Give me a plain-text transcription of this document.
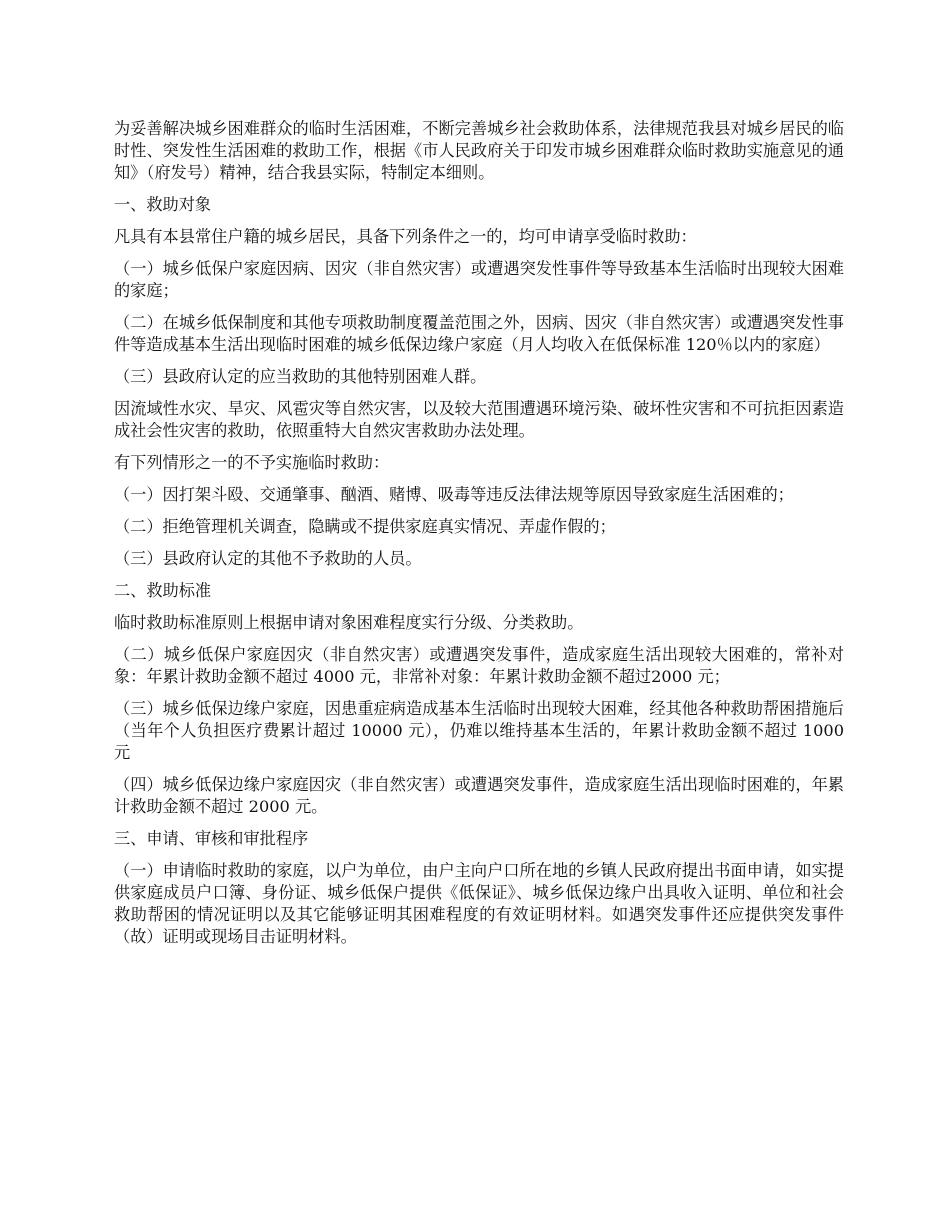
为妥善解决城乡困难群众的临时生活困难，不断完善城乡社会救助体系，法律规范我县对城乡居民的临时性、突发性生活困难的救助工作，根据《市人民政府关于印发市城乡困难群众临时救助实施意见的通知》（府发号）精神，结合我县实际，特制定本细则。

一、救助对象

凡具有本县常住户籍的城乡居民，具备下列条件之一的，均可申请享受临时救助：

（一）城乡低保户家庭因病、因灾（非自然灾害）或遭遇突发性事件等导致基本生活临时出现较大困难的家庭；

（二）在城乡低保制度和其他专项救助制度覆盖范围之外，因病、因灾（非自然灾害）或遭遇突发性事件等造成基本生活出现临时困难的城乡低保边缘户家庭（月人均收入在低保标准 120％以内的家庭）

（三）县政府认定的应当救助的其他特别困难人群。

因流域性水灾、旱灾、风雹灾等自然灾害，以及较大范围遭遇环境污染、破坏性灾害和不可抗拒因素造成社会性灾害的救助，依照重特大自然灾害救助办法处理。

有下列情形之一的不予实施临时救助：

（一）因打架斗殴、交通肇事、酗酒、赌博、吸毒等违反法律法规等原因导致家庭生活困难的；

（二）拒绝管理机关调查，隐瞒或不提供家庭真实情况、弄虚作假的；

（三）县政府认定的其他不予救助的人员。

二、救助标准

临时救助标准原则上根据申请对象困难程度实行分级、分类救助。

（二）城乡低保户家庭因灾（非自然灾害）或遭遇突发事件，造成家庭生活出现较大困难的，常补对象：年累计救助金额不超过 4000 元，非常补对象：年累计救助金额不超过2000 元；

（三）城乡低保边缘户家庭，因患重症病造成基本生活临时出现较大困难，经其他各种救助帮困措施后（当年个人负担医疗费累计超过 10000 元），仍难以维持基本生活的，年累计救助金额不超过 1000 元

（四）城乡低保边缘户家庭因灾（非自然灾害）或遭遇突发事件，造成家庭生活出现临时困难的，年累计救助金额不超过 2000 元。

三、申请、审核和审批程序

（一）申请临时救助的家庭，以户为单位，由户主向户口所在地的乡镇人民政府提出书面申请，如实提供家庭成员户口簿、身份证、城乡低保户提供《低保证》、城乡低保边缘户出具收入证明、单位和社会救助帮困的情况证明以及其它能够证明其困难程度的有效证明材料。如遇突发事件还应提供突发事件（故）证明或现场目击证明材料。
